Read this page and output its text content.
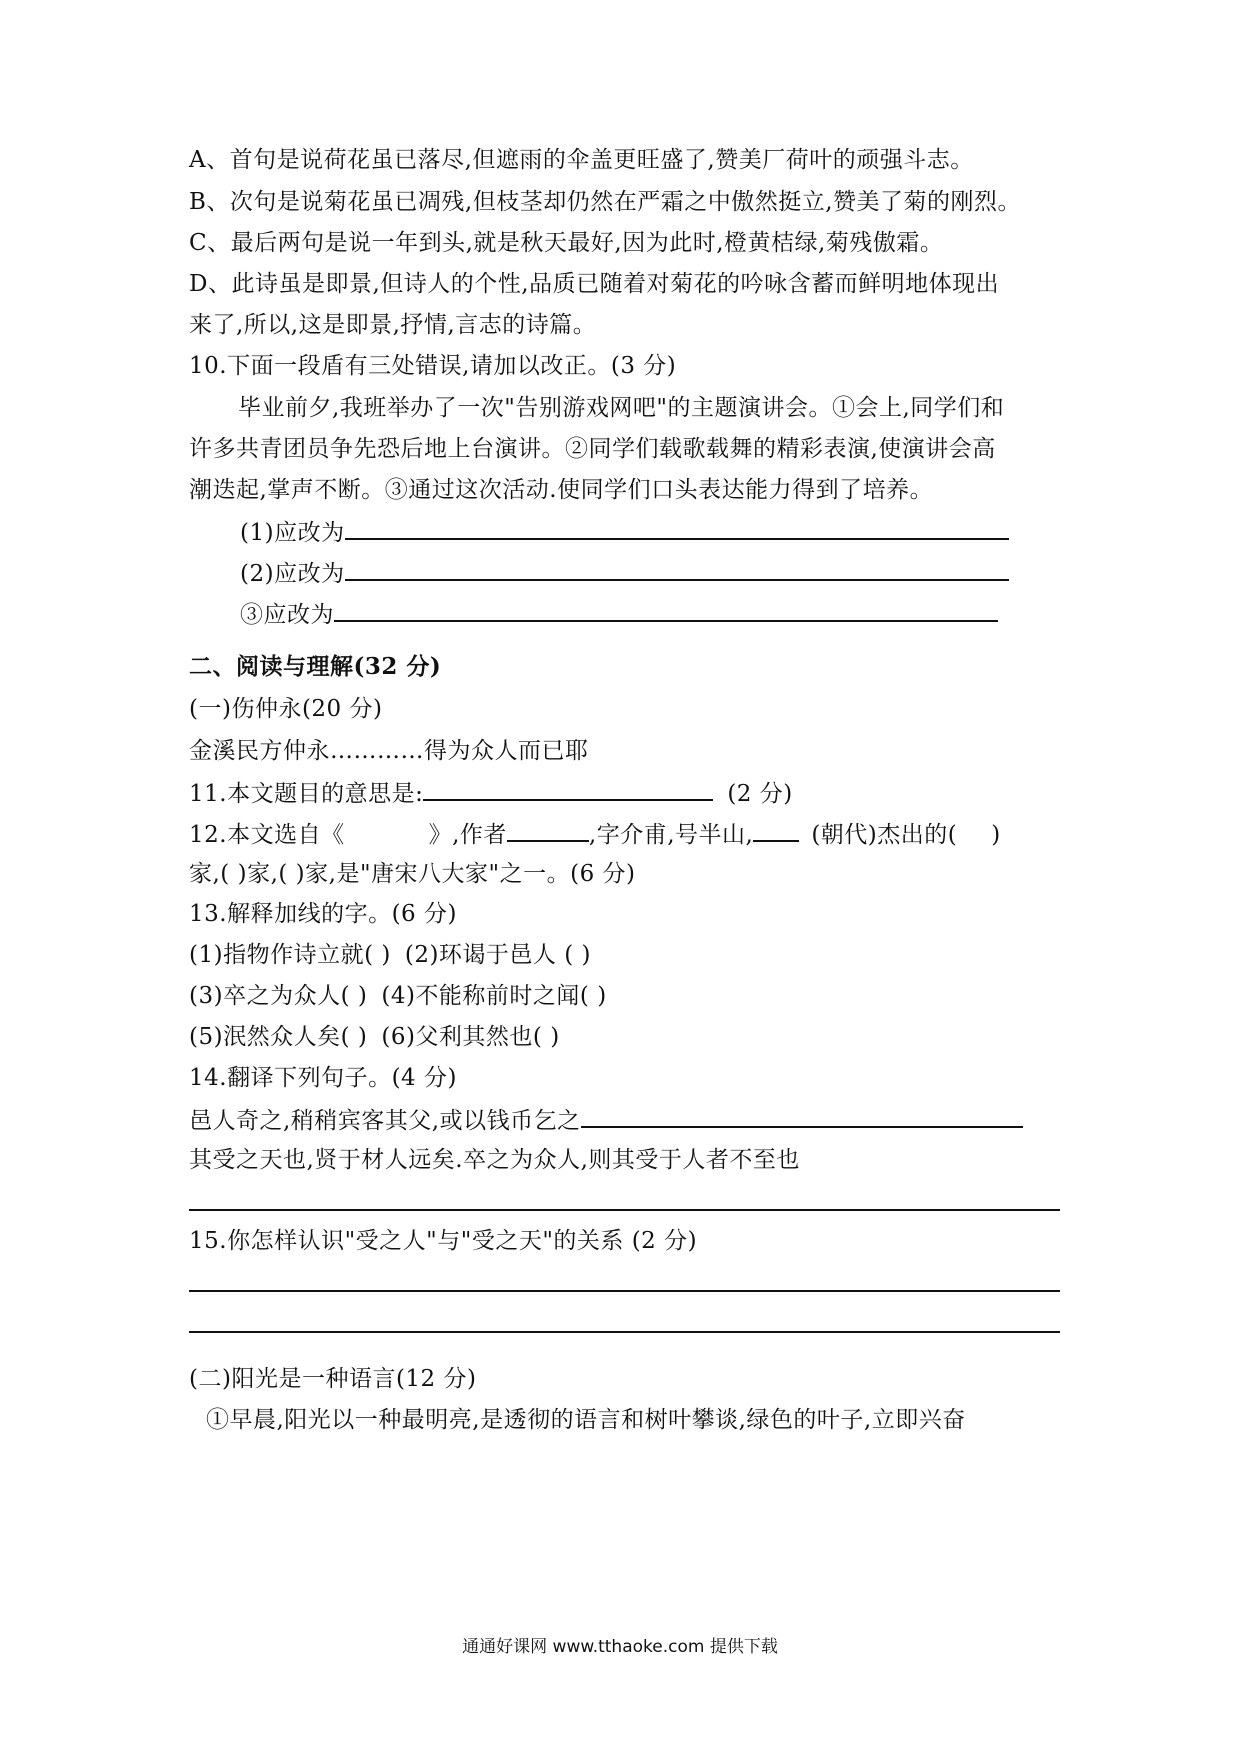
A、首句是说荷花虽已落尽,但遮雨的伞盖更旺盛了,赞美厂荷叶的顽强斗志。
B、次句是说菊花虽已凋残,但枝茎却仍然在严霜之中傲然挺立,赞美了菊的刚烈。
C、最后两句是说一年到头,就是秋天最好,因为此时,橙黄桔绿,菊残傲霜。
D、此诗虽是即景,但诗人的个性,品质已随着对菊花的吟咏含蓄而鲜明地体现出
来了,所以,这是即景,抒情,言志的诗篇。
10.下面一段盾有三处错误,请加以改正。(3 分)
毕业前夕,我班举办了一次"告别游戏网吧"的主题演讲会。①会上,同学们和
许多共青团员争先恐后地上台演讲。②同学们载歌载舞的精彩表演,使演讲会高
潮迭起,掌声不断。③通过这次活动.使同学们口头表达能力得到了培养。
(1)应改为
(2)应改为
③应改为
二、阅读与理解(32 分)
(一)伤仲永(20 分)
金溪民方仲永…………得为众人而已耶
11.本文题目的意思是:	(2 分)
12.本文选自《	》,作者	,字介甫,号半山,	(朝代)杰出的( )
家,( )家,( )家,是"唐宋八大家"之一。(6 分)
13.解释加线的字。(6 分)
(1)指物作诗立就( ) (2)环谒于邑人 ( )
(3)卒之为众人( ) (4)不能称前时之闻( )
(5)泯然众人矣( ) (6)父利其然也( )
14.翻译下列句子。(4 分)
邑人奇之,稍稍宾客其父,或以钱币乞之
其受之天也,贤于材人远矣.卒之为众人,则其受于人者不至也
15.你怎样认识"受之人"与"受之天"的关系 (2 分)
(二)阳光是一种语言(12 分)
①早晨,阳光以一种最明亮,是透彻的语言和树叶攀谈,绿色的叶子,立即兴奋
通通好课网 www.tthaoke.com 提供下载
